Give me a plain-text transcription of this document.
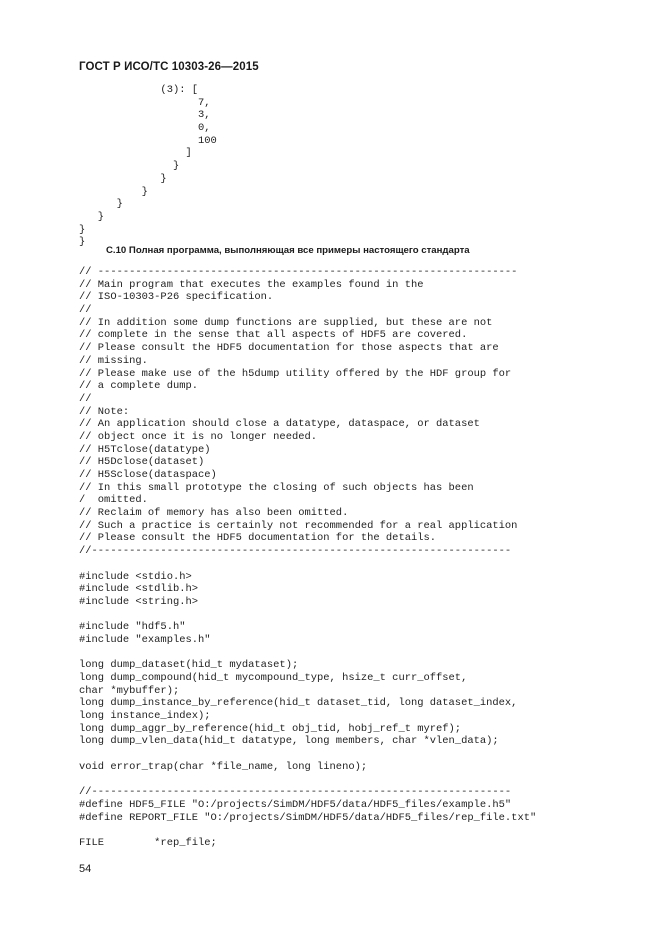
ГОСТ Р ИСО/ТС 10303-26—2015
(3): [
7,
3,
0,
100
]
}
}
}
}
}
}
}
С.10 Полная программа, выполняющая все примеры настоящего стандарта
// -------------------------------------------------------------------
// Main program that executes the examples found in the
// ISO-10303-P26 specification.
//
// In addition some dump functions are supplied, but these are not
// complete in the sense that all aspects of HDF5 are covered.
// Please consult the HDF5 documentation for those aspects that are
// missing.
// Please make use of the h5dump utility offered by the HDF group for
// a complete dump.
//
// Note:
// An application should close a datatype, dataspace, or dataset
// object once it is no longer needed.
// H5Tclose(datatype)
// H5Dclose(dataset)
// H5Sclose(dataspace)
// In this small prototype the closing of such objects has been
/  omitted.
// Reclaim of memory has also been omitted.
// Such a practice is certainly not recommended for a real application
// Please consult the HDF5 documentation for the details.
//-------------------------------------------------------------------
#include <stdio.h>
#include <stdlib.h>
#include <string.h>
#include "hdf5.h"
#include "examples.h"
long dump_dataset(hid_t mydataset);
long dump_compound(hid_t mycompound_type, hsize_t curr_offset,
char *mybuffer);
long dump_instance_by_reference(hid_t dataset_tid, long dataset_index,
long instance_index);
long dump_aggr_by_reference(hid_t obj_tid, hobj_ref_t myref);
long dump_vlen_data(hid_t datatype, long members, char *vlen_data);
void error_trap(char *file_name, long lineno);
//-------------------------------------------------------------------
#define HDF5_FILE "O:/projects/SimDM/HDF5/data/HDF5_files/example.h5"
#define REPORT_FILE "O:/projects/SimDM/HDF5/data/HDF5_files/rep_file.txt"
FILE        *rep_file;
54
